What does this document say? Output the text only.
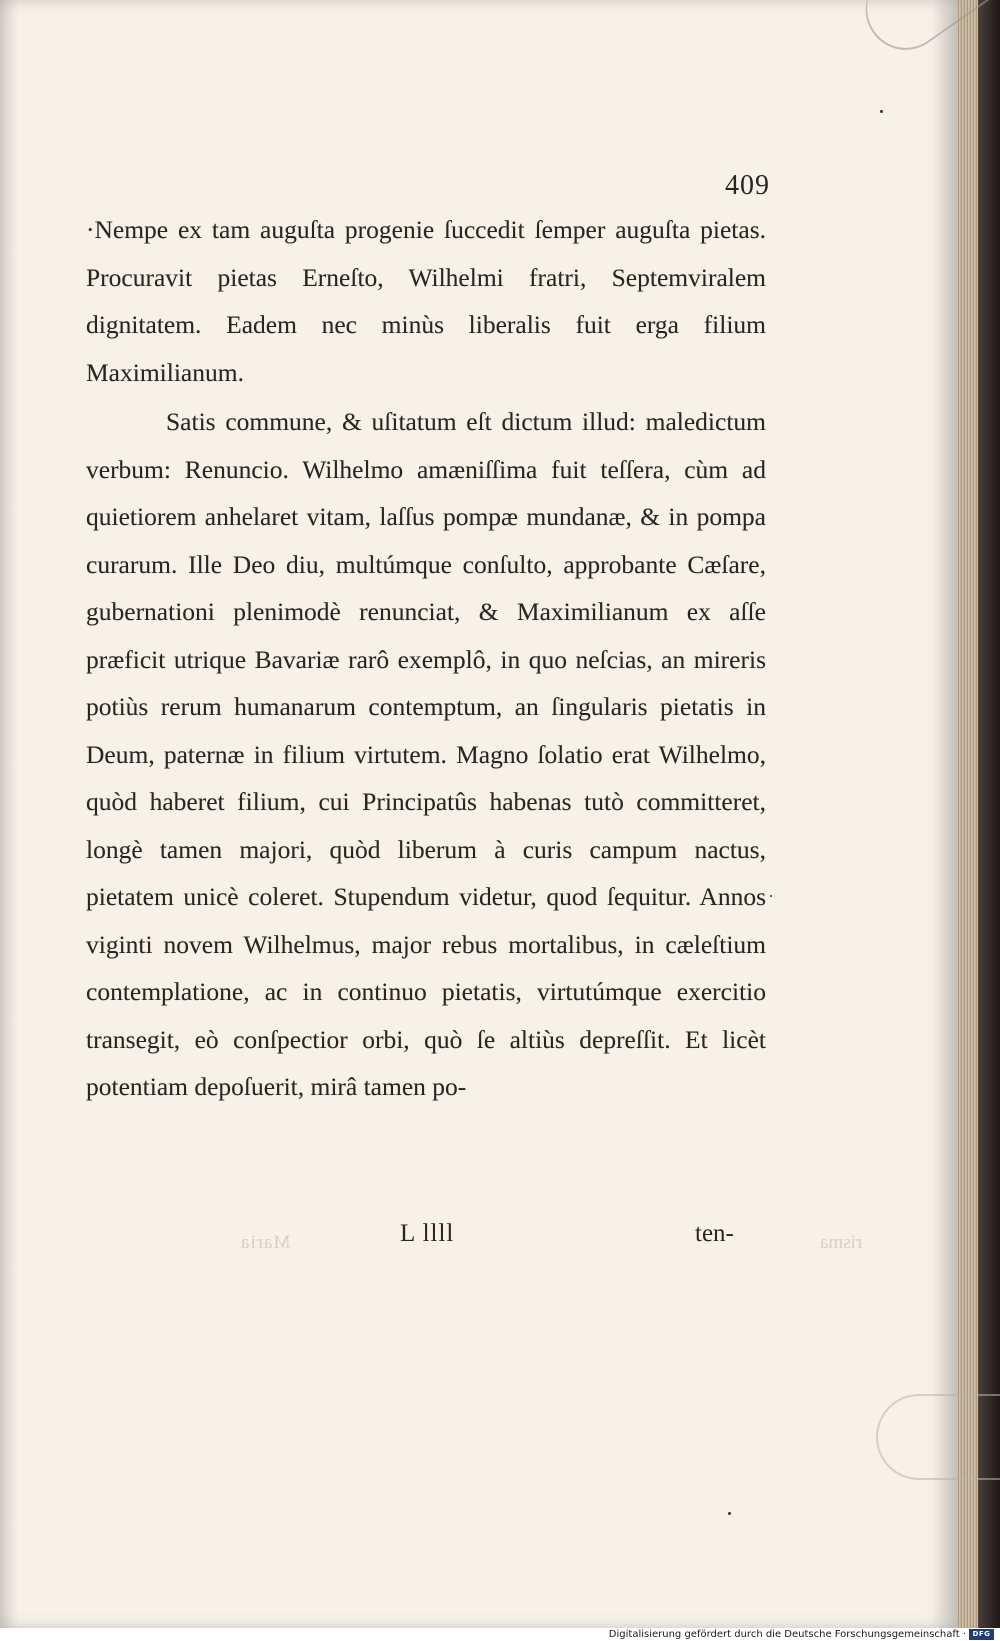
409

·Nempe ex tam auguſta progenie ſuccedit ſemper auguſta pietas. Procuravit pietas Erneſto, Wilhelmi fratri, Septemviralem dignitatem. Eadem nec minùs liberalis fuit erga filium Maximilianum.

Satis commune, & uſitatum eſt dictum illud: maledictum verbum: Renuncio. Wilhelmo amæniſſima fuit teſſera, cùm ad quietiorem anhelaret vitam, laſſus pompæ mundanæ, & in pompa curarum. Ille Deo diu, multúmque conſulto, approbante Cæſare, gubernationi plenimodè renunciat, & Maximilianum ex aſſe præficit utrique Bavariæ rarô exemplô, in quo neſcias, an mireris potiùs rerum humanarum contemptum, an ſingularis pietatis in Deum, paternæ in filium virtutem. Magno ſolatio erat Wilhelmo, quòd haberet filium, cui Principatûs habenas tutò committeret, longè tamen majori, quòd liberum à curis campum nactus, pietatem unicè coleret. Stupendum videtur, quod ſequitur. Annos viginti novem Wilhelmus, major rebus mortalibus, in cæleſtium contemplatione, ac in continuo pietatis, virtutúmque exercitio transegit, eò conſpectior orbi, quò ſe altiùs depreſſit. Et licèt potentiam depoſuerit, mirâ tamen po-

L llll	ten-
Maria	risma
Digitalisierung gefördert durch die Deutsche Forschungsgemeinschaft · DFG
